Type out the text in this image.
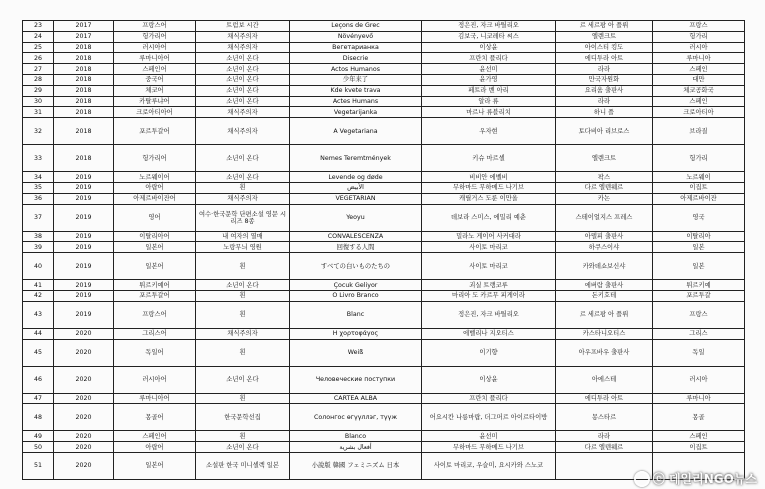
23	2017	프랑스어	트럼보 시간	Leçons de Grec	정은진, 자크 바틸리오	르 세르팡 아 플뤼	프랑스
24	2017	헝가리어	채식주의자	Növényevő	김보국, 니코레타 씨스	엘렌크트	헝가리
25	2018	러시아어	채식주의자	Вегетарианка	이상윤	아이스티 킹도	러시아
26	2018	루마니아어	소년이 온다	Disecrie	프란치 플리다	에디투라 아트	루마니아
27	2018	스페인어	소년이 온다	Actos Humanos	윤선미	라라	스페인
28	2018	중국어	소년이 온다	少年来了	윤가영	만국자원화	대만
29	2018	체코어	소년이 온다	Kde kvete trava	페트라 벤 아리	요리움 출판사	체코공화국
30	2018	카탈루냐어	소년이 온다	Actes Humans	알라 류	라라	스페인
31	2018	크로아티아어	채식주의자	Vegetarijanka	마르나 류블리치	하니 플	크로아티아
32	2018	포르투갈어	채식주의자	A Vegetariana	우자현	토다비아 리브로스	브라질
33	2018	헝가리어	소년이 온다	Nemes Teremtmények	키슈 마르셀	엘렌크트	헝가리
34	2019	노르웨이어	소년이 온다	Levende og døde	비비안 에벨비	팍스	노르웨이
35	2019	아랍어	흰	الأبيض	무하마드 무하메드 나기브	다르 엘텐웨르	이집트
36	2019	아제르바이잔어	채식주의자	VEGETARIAN	캐릴거스 도룬 이만올	카논	아제르바이잔
37	2019	영어	여수·한국문학 단편소설 영문 시리즈 8종	Yeoyu	데보라 스미스, 에밀리 예춘	스테이얼지스 프레스	영국
38	2019	이탈리아어	내 여자의 열매	CONVALESCENZA	밀라노 게이어 사커대라	아델피 출판사	이탈리아
39	2019	일본어	노랑무늬 영원	回復する人間	사이토 마리코	하쿠스이샤	일본
40	2019	일본어	흰	すべての白いものたちの	사이토 마리코	카와데쇼보신샤	일본
41	2019	튀르키예어	소년이 온다	Çocuk Geliyor	괴실 트랭코루	에버람 출판사	튀르키예
42	2019	포르투갈어	흰	O Livro Branco	마리아 도 카르무 피게이라	돈키호테	포르투갈
43	2019	프랑스어	흰	Blanc	정은진, 자크 바틸리오	르 세르팡 아 플뤼	프랑스
44	2020	그리스어	채식주의자	Η χορτοφάγος	에벨리나 지오티스	카스타니오티스	그리스
45	2020	독일어	흰	Weiß	이기향	아우프바우 출판사	독일
46	2020	러시아어	소년이 온다	Человеческие поступки	이상윤	아에스테	러시아
47	2020	루마니아어	흰	CARTEA ALBA	프란치 플리다	에디투라 아트	루마니아
48	2020	몽골어	한국문학선집	Солонгос өгүүллэг, түүж	어요시칸 나릉마랍, 더그머르 아이르타이방	몽스타르	몽골
49	2020	스페인어	흰	Blanco	윤선미	라라	스페인
50	2020	아랍어	소년이 온다	أفعال بشرية	무하마드 무하메드 나기브	다르 엘텐웨르	이집트
51	2020	일본어	소설판 한국 미니셀렉 일본	小說版 韓國 フェミニズム 日本	사이토 마리코, 우슬미, 요시카와 스노코		
ⓒ 데일리NGO뉴스
